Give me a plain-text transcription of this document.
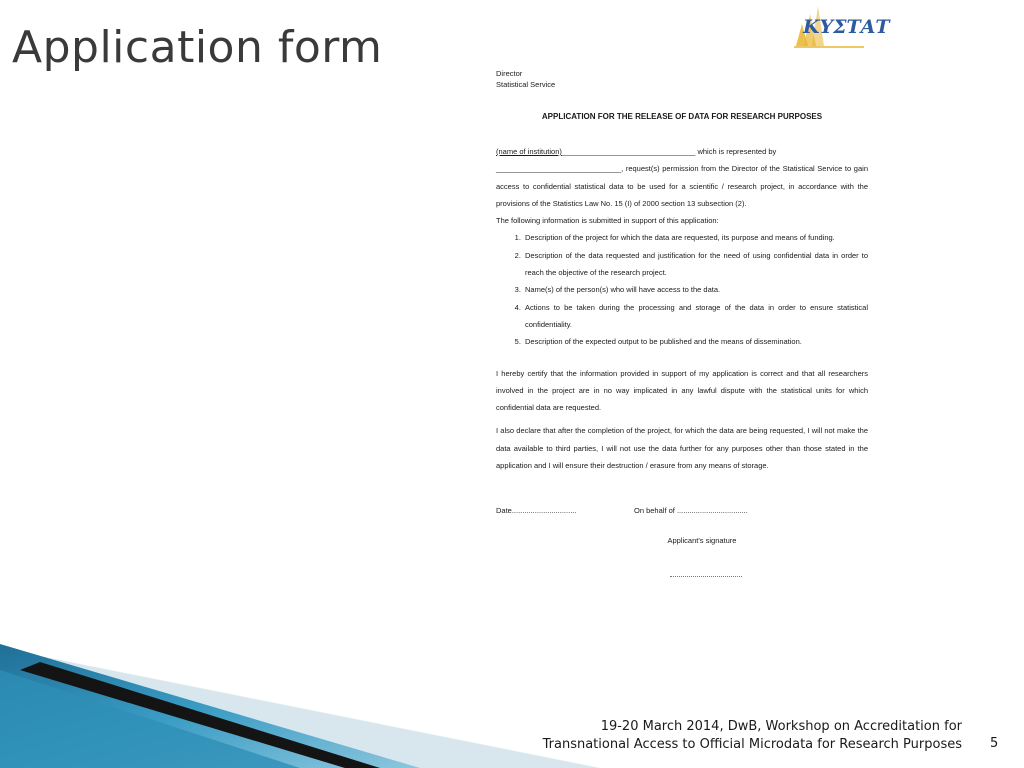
Application form	ΚΥΣΤΑΤ

Director

Statistical Service

APPLICATION FOR THE RELEASE OF DATA FOR RESEARCH PURPOSES

(name of institution)________________________________ which is represented by

______________________________, request(s) permission from the Director of the Statistical Service to gain access to confidential statistical data to be used for a scientific / research project, in accordance with the provisions of the Statistics Law No. 15 (I) of 2000 section 13 subsection (2).

The following information is submitted in support of this application:

1. Description of the project for which the data are requested, its purpose and means of funding.
2. Description of the data requested and justification for the need of using confidential data in order to reach the objective of the research project.
3. Name(s) of the person(s) who will have access to the data.
4. Actions to be taken during the processing and storage of the data in order to ensure statistical confidentiality.
5. Description of the expected output to be published and the means of dissemination.

I hereby certify that the information provided in support of my application is correct and that all researchers involved in the project are in no way implicated in any lawful dispute with the statistical units for which confidential data are requested.

I also declare that after the completion of the project, for which the data are being requested, I will not make the data available to third parties, I will not use the data further for any purposes other than those stated in the application and I will ensure their destruction / erasure from any means of storage.

Date...............................	On behalf of ..................................
Applicant's signature
19-20 March 2014, DwB, Workshop on Accreditation for
Transnational Access to Official Microdata for Research Purposes 5
